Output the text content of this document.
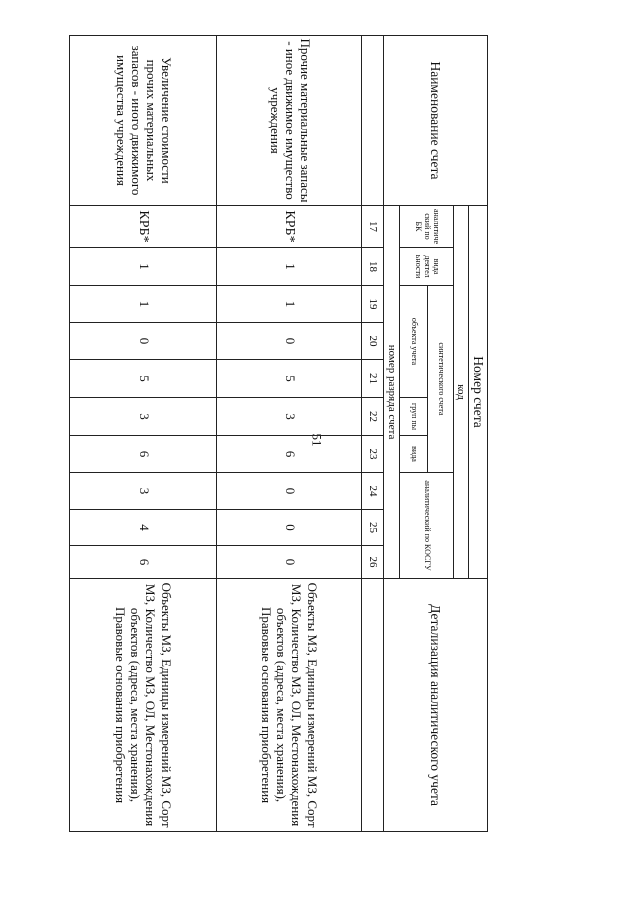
51
Наименование счета	Номер счета										Детализация аналитического учета
	код										
	аналитиче ский по БК	вида деятел ьности	синтетического счета					аналитический по КОСГУ			
			объекта учета			груп пы	вида				

	номер разряда счета										
	17	18	19	20	21	22	23	24	25	26	
Прочие материальные запасы - иное движимое имущество учреждения	КРБ*	1	1	0	5	3	6	0	0	0	Объекты МЗ, Единицы измерений МЗ, Сорт МЗ, Количество МЗ, ОЛ, Местонахождения объектов (адреса, места хранения), Правовые основания приобретения
Увеличение стоимости прочих материальных запасов - иного движимого имущества учреждения	КРБ*	1	1	0	5	3	6	3	4	6	Объекты МЗ, Единицы измерений МЗ, Сорт МЗ, Количество МЗ, ОЛ, Местонахождения объектов (адреса, места хранения), Правовые основания приобретения
